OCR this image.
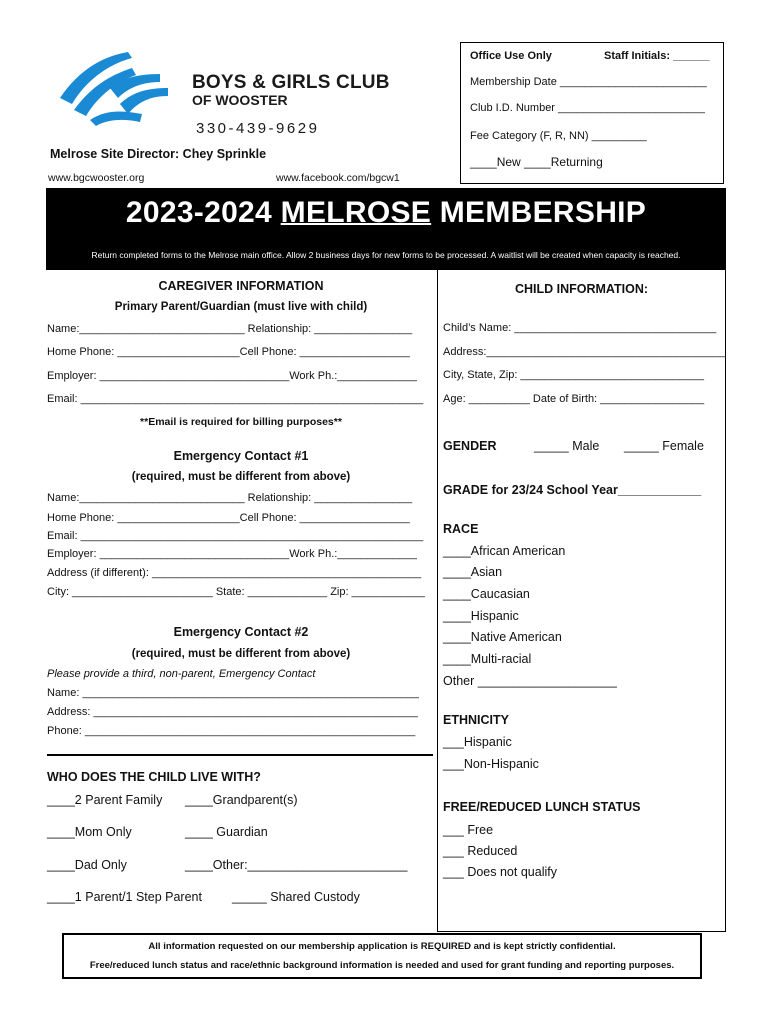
BOYS & GIRLS CLUB
OF WOOSTER
330-439-9629
Melrose Site Director: Chey Sprinkle
www.bgcwooster.org	www.facebook.com/bgcw1
Office Use Only	Staff Initials: ______
Membership Date ________________________
Club I.D. Number ________________________
Fee Category (F, R, NN) _________
____New ____Returning
2023-2024 MELROSE MEMBERSHIP
Return completed forms to the Melrose main office. Allow 2 business days for new forms to be processed. A waitlist will be created when capacity is reached.
CAREGIVER INFORMATION
Primary Parent/Guardian (must live with child)
Name:___________________________ Relationship: ________________
Home Phone: ____________________Cell Phone: __________________
Employer: _______________________________Work Ph.:_____________
Email: ________________________________________________________
**Email is required for billing purposes**
Emergency Contact #1
(required, must be different from above)
Name:___________________________ Relationship: ________________
Home Phone: ____________________Cell Phone: __________________
Email: ________________________________________________________
Employer: _______________________________Work Ph.:_____________
Address (if different): ____________________________________________
City: _______________________ State: _____________ Zip: ____________
Emergency Contact #2
(required, must be different from above)
Please provide a third, non-parent, Emergency Contact
Name: _______________________________________________________
Address: _____________________________________________________
Phone: ______________________________________________________
WHO DOES THE CHILD LIVE WITH?
____2 Parent Family ____Grandparent(s)
____Mom Only	____ Guardian
____Dad Only	____Other:_______________________
____1 Parent/1 Step Parent _____ Shared Custody
CHILD INFORMATION:
Child’s Name: _________________________________
Address:_______________________________________
City, State, Zip: ______________________________
Age: __________ Date of Birth: _________________
GENDER	_____ Male _____ Female
GRADE for 23/24 School Year____________
RACE
____African American
____Asian
____Caucasian
____Hispanic
____Native American
____Multi-racial
Other ____________________
ETHNICITY
___Hispanic
___Non-Hispanic
FREE/REDUCED LUNCH STATUS
___ Free
___ Reduced
___ Does not qualify
All information requested on our membership application is REQUIRED and is kept strictly confidential.
Free/reduced lunch status and race/ethnic background information is needed and used for grant funding and reporting purposes.
